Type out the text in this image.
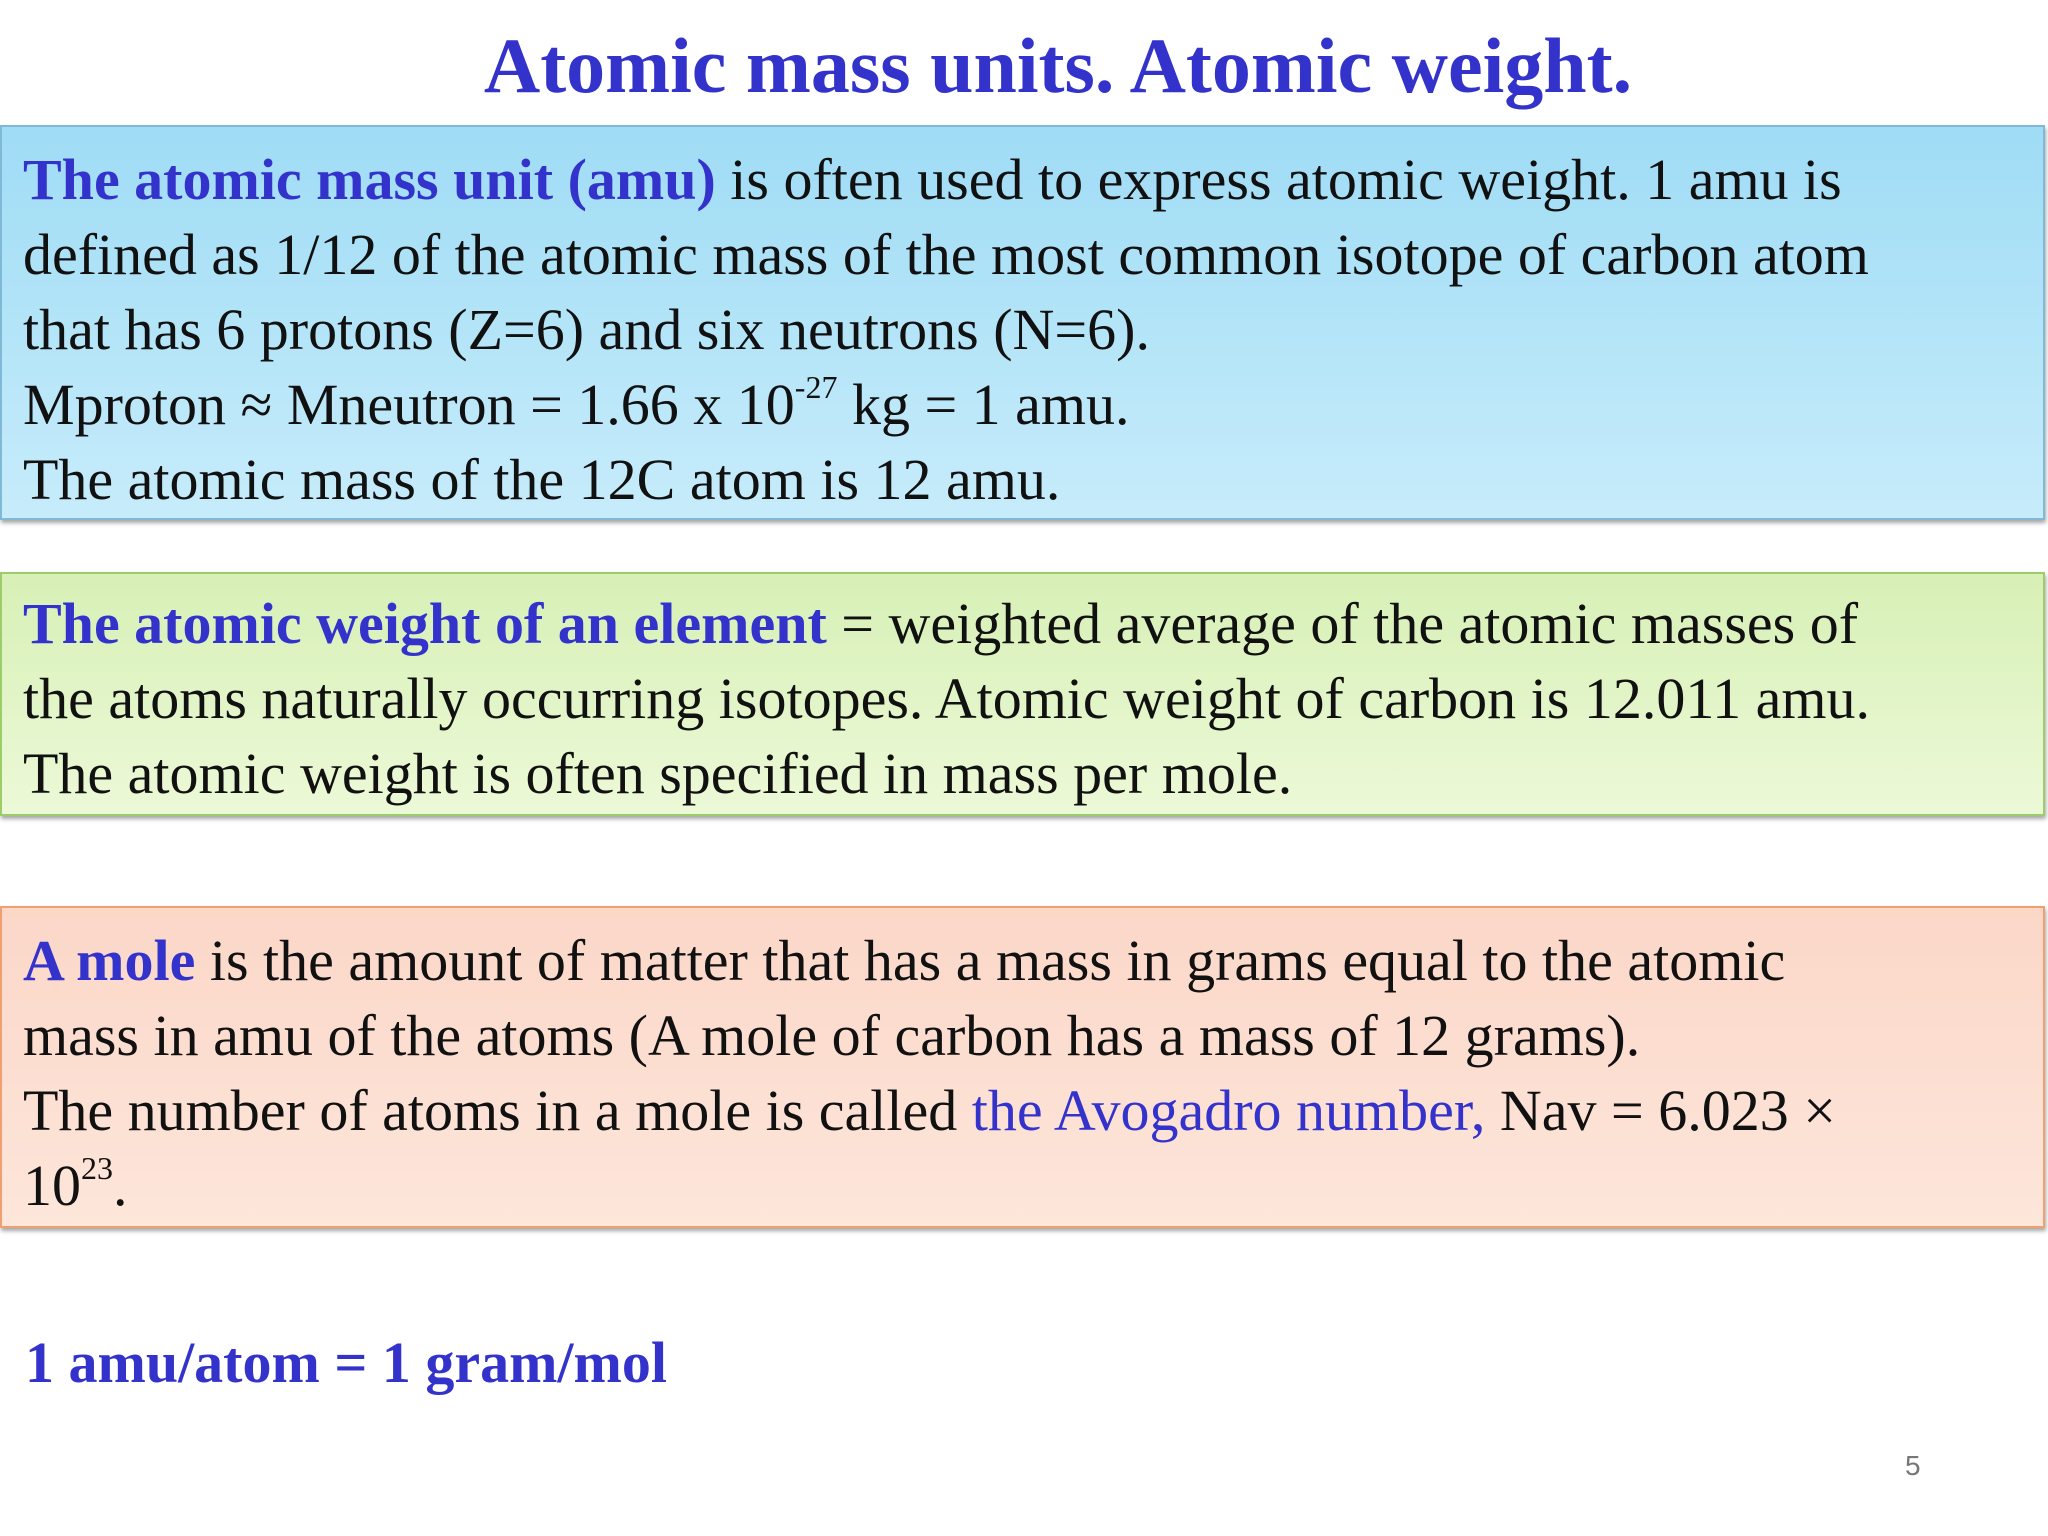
Atomic mass units. Atomic weight.
The atomic mass unit (amu) is often used to express atomic weight. 1 amu is
defined as 1/12 of the atomic mass of the most common isotope of carbon atom
that has 6 protons (Z=6) and six neutrons (N=6).
Mproton ≈ Mneutron = 1.66 x $10^{-27}$ kg = 1 amu.
The atomic mass of the 12C atom is 12 amu.
The atomic weight of an element = weighted average of the atomic masses of
the atoms naturally occurring isotopes. Atomic weight of carbon is 12.011 amu.
The atomic weight is often specified in mass per mole.
A mole is the amount of matter that has a mass in grams equal to the atomic
mass in amu of the atoms (A mole of carbon has a mass of 12 grams).
The number of atoms in a mole is called the Avogadro number, Nav = 6.023 ×
$10^{23}$.
1 amu/atom = 1 gram/mol
5
